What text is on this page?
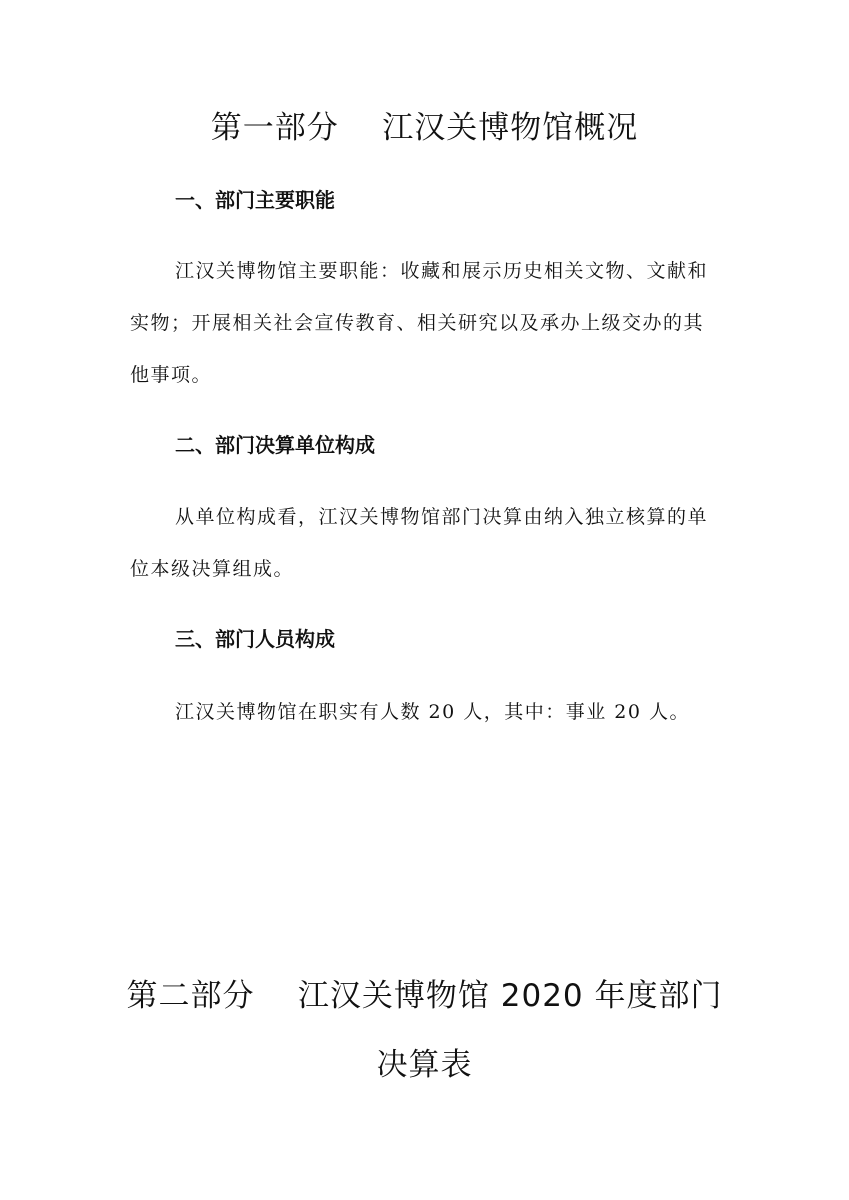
第一部分    江汉关博物馆概况
一、部门主要职能

江汉关博物馆主要职能：收藏和展示历史相关文物、文献和实物；开展相关社会宣传教育、相关研究以及承办上级交办的其他事项。

二、部门决算单位构成

从单位构成看，江汉关博物馆部门决算由纳入独立核算的单位本级决算组成。

三、部门人员构成

江汉关博物馆在职实有人数 20 人，其中：事业 20 人。

第二部分    江汉关博物馆 2020 年度部门
决算表
